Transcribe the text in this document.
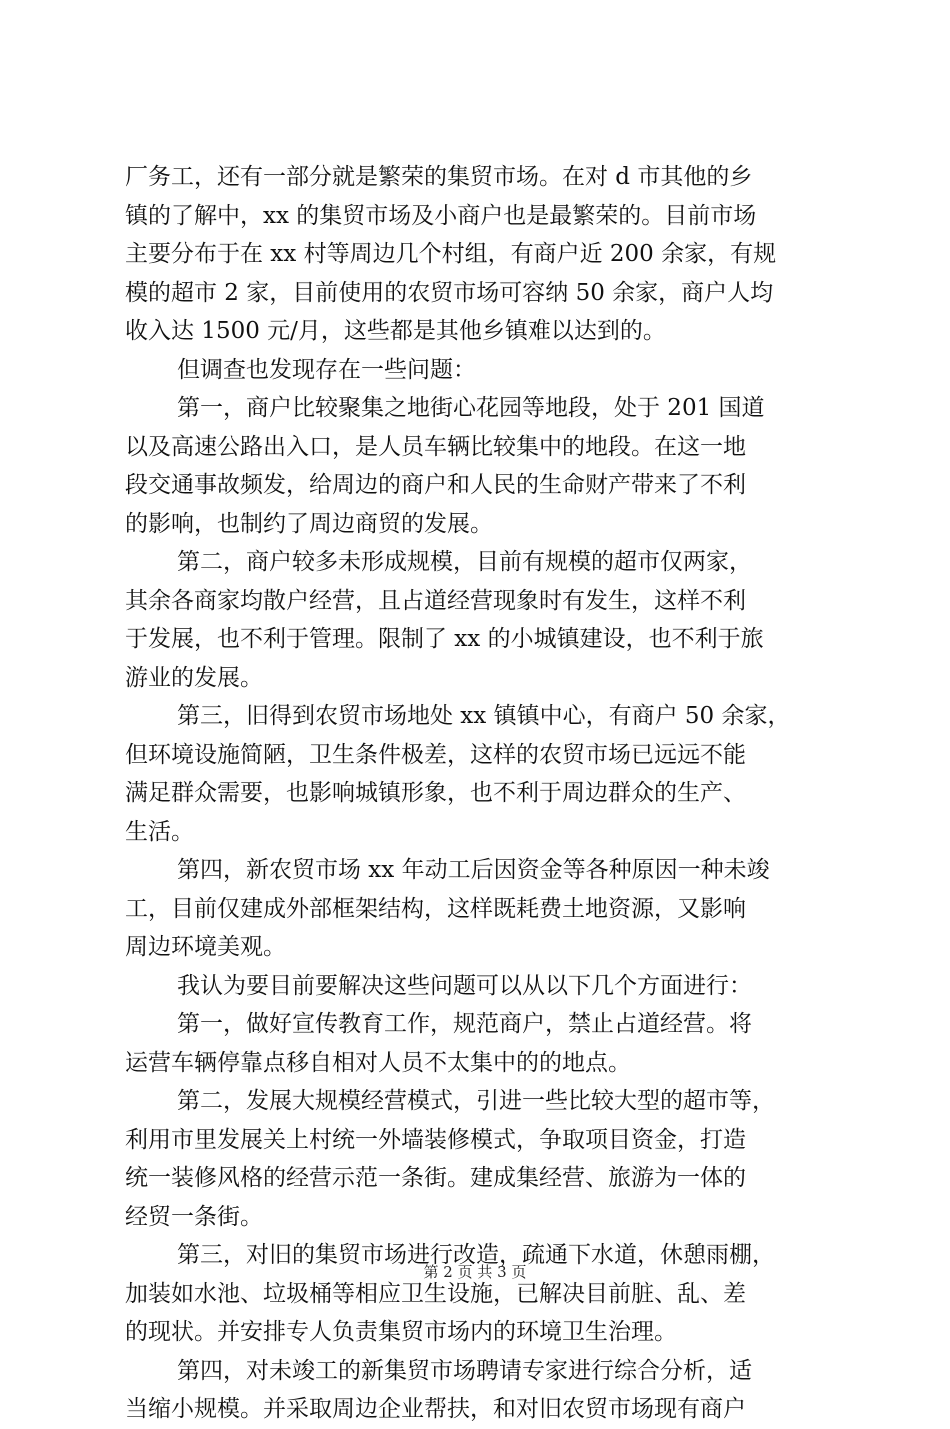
厂务工，还有一部分就是繁荣的集贸市场。在对 d 市其他的乡
镇的了解中，xx 的集贸市场及小商户也是最繁荣的。目前市场
主要分布于在 xx 村等周边几个村组，有商户近 200 余家，有规
模的超市 2 家，目前使用的农贸市场可容纳 50 余家，商户人均
收入达 1500 元/月，这些都是其他乡镇难以达到的。
但调查也发现存在一些问题：
第一，商户比较聚集之地街心花园等地段，处于 201 国道
以及高速公路出入口，是人员车辆比较集中的地段。在这一地
段交通事故频发，给周边的商户和人民的生命财产带来了不利
的影响，也制约了周边商贸的发展。
第二，商户较多未形成规模，目前有规模的超市仅两家，
其余各商家均散户经营，且占道经营现象时有发生，这样不利
于发展，也不利于管理。限制了 xx 的小城镇建设，也不利于旅
游业的发展。
第三，旧得到农贸市场地处 xx 镇镇中心，有商户 50 余家，
但环境设施简陋，卫生条件极差，这样的农贸市场已远远不能
满足群众需要，也影响城镇形象，也不利于周边群众的生产、
生活。
第四，新农贸市场 xx 年动工后因资金等各种原因一种未竣
工，目前仅建成外部框架结构，这样既耗费土地资源，又影响
周边环境美观。
我认为要目前要解决这些问题可以从以下几个方面进行：
第一，做好宣传教育工作，规范商户，禁止占道经营。将
运营车辆停靠点移自相对人员不太集中的的地点。
第二，发展大规模经营模式，引进一些比较大型的超市等，
利用市里发展关上村统一外墙装修模式，争取项目资金，打造
统一装修风格的经营示范一条街。建成集经营、旅游为一体的
经贸一条街。
第三，对旧的集贸市场进行改造，疏通下水道，休憩雨棚，
加装如水池、垃圾桶等相应卫生设施，已解决目前脏、乱、差
的现状。并安排专人负责集贸市场内的环境卫生治理。
第四，对未竣工的新集贸市场聘请专家进行综合分析，适
当缩小规模。并采取周边企业帮扶，和对旧农贸市场现有商户
第 2 页 共 3 页
